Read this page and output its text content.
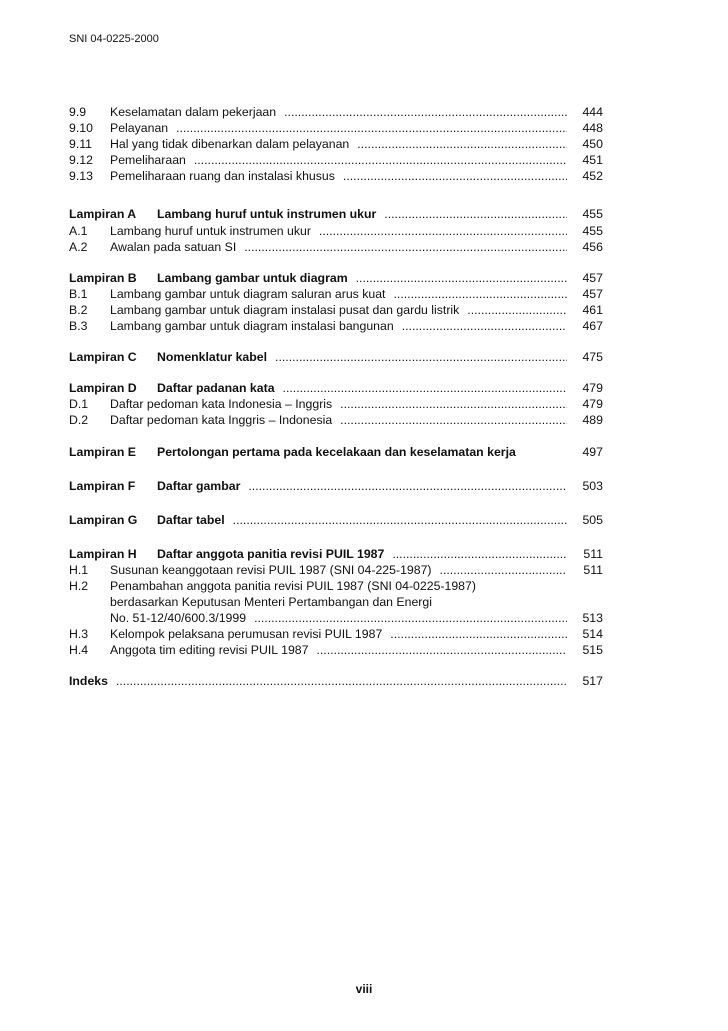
SNI 04-0225-2000
9.9	Keselamatan dalam pekerjaan .....	444
9.10	Pelayanan .....	448
9.11	Hal yang tidak dibenarkan dalam pelayanan .....	450
9.12	Pemeliharaan .....	451
9.13	Pemeliharaan ruang dan instalasi khusus .....	452
Lampiran A	Lambang huruf untuk instrumen ukur .....	455
A.1	Lambang huruf untuk instrumen ukur .....	455
A.2	Awalan pada satuan SI .....	456
Lampiran B	Lambang gambar untuk diagram .....	457
B.1	Lambang gambar untuk diagram saluran arus kuat .....	457
B.2	Lambang gambar untuk diagram instalasi pusat dan gardu listrik .....	461
B.3	Lambang gambar untuk diagram instalasi bangunan .....	467
Lampiran C	Nomenklatur kabel .....	475
Lampiran D	Daftar padanan kata .....	479
D.1	Daftar pedoman kata Indonesia – Inggris .....	479
D.2	Daftar pedoman kata Inggris – Indonesia .....	489
Lampiran E	Pertolongan pertama pada kecelakaan dan keselamatan kerja	497
Lampiran F	Daftar gambar .....	503
Lampiran G	Daftar tabel .....	505
Lampiran H	Daftar anggota panitia revisi PUIL 1987 .....	511
H.1	Susunan keanggotaan revisi PUIL 1987 (SNI 04-225-1987) .....	511
H.2	Penambahan anggota panitia revisi PUIL 1987 (SNI 04-0225-1987)
berdasarkan Keputusan Menteri Pertambangan dan Energi
No. 51-12/40/600.3/1999 .....	513
H.3	Kelompok pelaksana perumusan revisi PUIL 1987 .....	514
H.4	Anggota tim editing revisi PUIL 1987 .....	515
Indeks .....	517
viii
